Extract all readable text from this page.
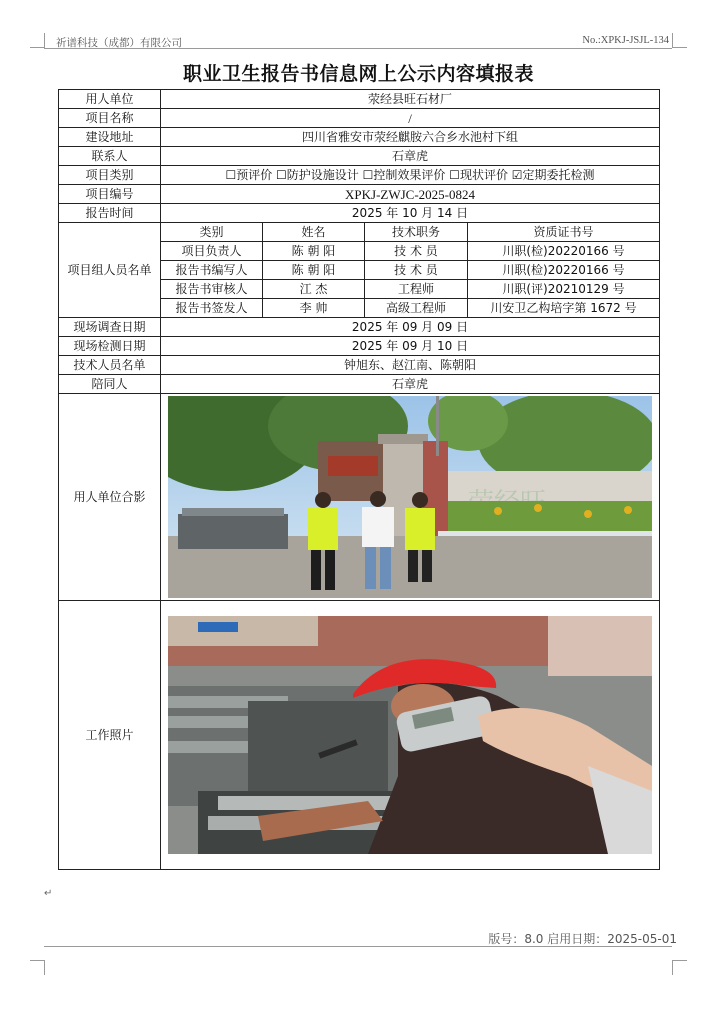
祈谱科技（成都）有限公司	No.:XPKJ-JSJL-134
职业卫生报告书信息网上公示内容填报表
用人单位	荥经县旺石材厂			
项目名称	/			
建设地址	四川省雅安市荥经麒胺六合乡水池村下组			
联系人	石章虎			
项目类别	☐预评价 ☐防护设施设计 ☐控制效果评价 ☐现状评价 ☑定期委托检测			
项目编号	XPKJ-ZWJC-2025-0824			
报告时间	2025 年 10 月 14 日			
项目组人员名单	类别	姓名	技术职务	资质证书号
	项目负责人	陈 朝 阳	技 术 员	川职(检)20220166 号
	报告书编写人	陈 朝 阳	技 术 员	川职(检)20220166 号
	报告书审核人	江 杰	工程师	川职(评)20210129 号
	报告书签发人	李 帅	高级工程师	川安卫乙构培字第 1672 号
现场调查日期	2025 年 09 月 09 日			
现场检测日期	2025 年 09 月 10 日			
技术人员名单	钟旭东、赵江南、陈朝阳			
陪同人	石章虎			
用人单位合影	

工作照片	
↵
版号：8.0 启用日期：2025-05-01
